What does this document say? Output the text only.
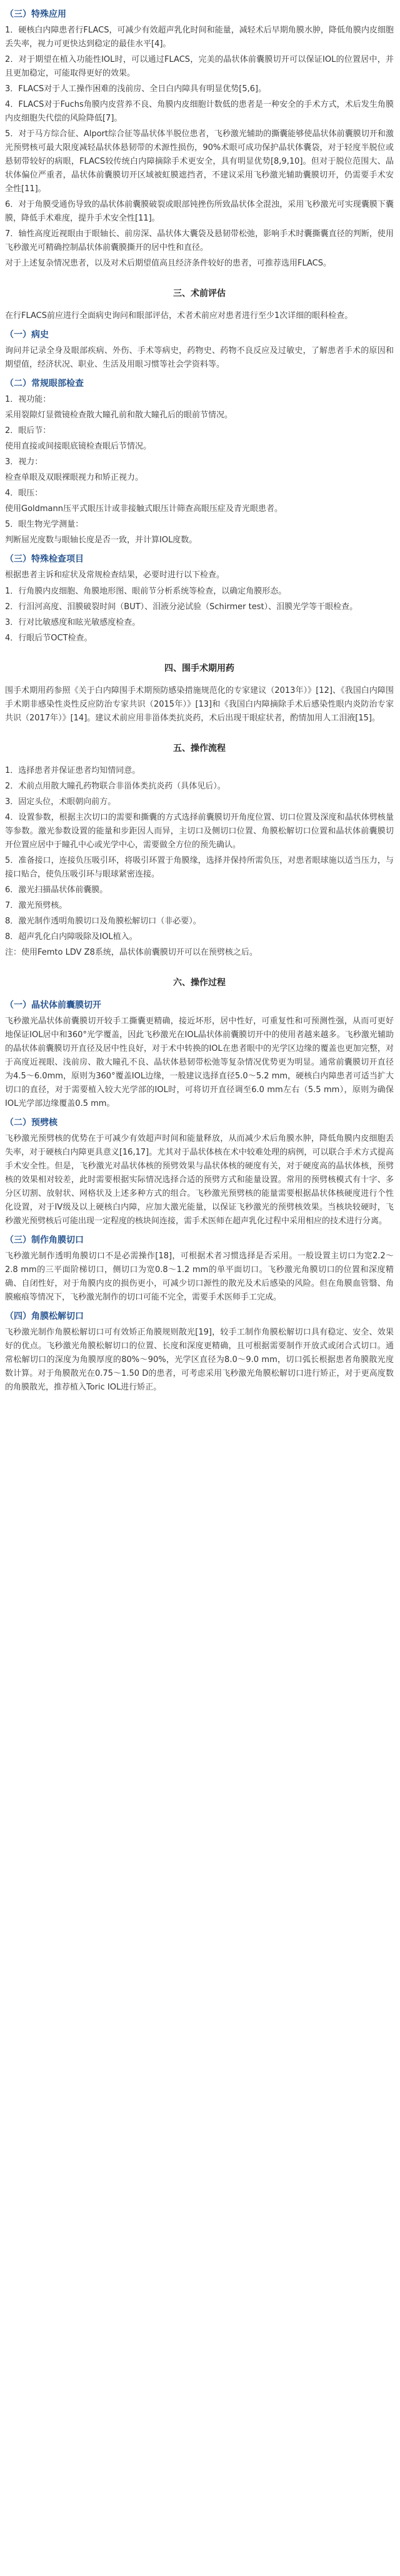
（三）特殊应用

1．硬核白内障患者行FLACS，可减少有效超声乳化时间和能量，减轻术后早期角膜水肿，降低角膜内皮细胞丢失率，视力可更快达到稳定的最佳水平[4]。

2．对于期望在植入功能性IOL时，可以通过FLACS，完美的晶状体前囊膜切开可以保证IOL的位置居中，并且更加稳定，可能取得更好的效果。

3．FLACS对于人工操作困难的浅前房、全日白内障具有明显优势[5,6]。

4．FLACS对于Fuchs角膜内皮营养不良、角膜内皮细胞计数低的患者是一种安全的手术方式，术后发生角膜内皮细胞失代偿的风险降低[7]。

5．对于马方综合征、Alport综合征等晶状体半脱位患者，飞秒激光辅助的撕囊能够使晶状体前囊膜切开和激光预劈核可最大限度减轻晶状体悬韧带的术源性损伤，90%术眼可成功保护晶状体囊袋，对于轻度半脱位或悬韧带较好的病眼，FLACS较传统白内障摘除手术更安全，具有明显优势[8,9,10]。但对于脱位范围大、晶状体偏位严重者，晶状体前囊膜切开区域被虹膜遮挡者，不建议采用飞秒激光辅助囊膜切开，仍需要手术安全性[11]。

6．对于角膜受通伤导致的晶状体前囊膜破裂或眼部钝挫伤所致晶状体全混浊，采用飞秒激光可实现囊膜下囊膜，降低手术难度，提升手术安全性[11]。

7．轴性高度近视眼由于眼轴长、前房深、晶状体大囊袋及悬韧带松弛，影响手术时囊撕囊直径的判断，使用飞秒激光可精确控制晶状体前囊膜撕开的居中性和直径。

对于上述复杂情况患者，以及对术后期望值高且经济条件较好的患者，可推荐选用FLACS。

三、术前评估

在行FLACS前应进行全面病史询问和眼部评估，术者术前应对患者进行至少1次详细的眼科检查。

（一）病史

询问并记录全身及眼部疾病、外伤、手术等病史，药物史、药物不良反应及过敏史，了解患者手术的原因和期望值，经济状况、职业、生活及用眼习惯等社会学资料等。

（二）常规眼部检查

1．视功能：

采用裂隙灯显微镜检查散大瞳孔前和散大瞳孔后的眼前节情况。

2．眼后节：

使用直接或间接眼底镜检查眼后节情况。

3．视力：

检查单眼及双眼裸眼视力和矫正视力。

4．眼压：

使用Goldmann压平式眼压计或非接触式眼压计筛查高眼压症及青光眼患者。

5．眼生物光学测量：

判断屈光度数与眼轴长度是否一致，并计算IOL度数。

（三）特殊检查项目

根据患者主诉和症状及常规检查结果，必要时进行以下检查。

1．行角膜内皮细胞、角膜地形图、眼前节分析系统等检查，以确定角膜形态。

2．行泪河高度、泪膜破裂时间（BUT）、泪液分泌试验（Schirmer test）、泪膜光学等干眼检查。

3．行对比敏感度和眩光敏感度检查。

4．行眼后节OCT检查。

四、围手术期用药

围手术期用药参照《关于白内障围手术期预防感染措施规范化的专家建议（2013年）》[12]、《我国白内障围手术期非感染性炎性反应防治专家共识（2015年）》[13]和《我国白内障摘除手术后感染性眼内炎防治专家共识（2017年）》[14]。建议术前应用非甾体类抗炎药，术后出现干眼症状者，酌情加用人工泪液[15]。

五、操作流程

1．选择患者并保证患者均知情同意。

2．术前点用散大瞳孔药物联合非甾体类抗炎药（具体见后）。

3．固定头位，术眼朝向前方。

4．设置参数，根据主次切口的需要和撕囊的方式选择前囊膜切开角度位置、切口位置及深度和晶状体劈核量等参数。激光参数设置的能量和步距因人而异，主切口及侧切口位置、角膜松解切口位置和晶状体前囊膜切开位置应居中于瞳孔中心或光学中心，需要做全方位的预先确认。

5．准备接口，连接负压吸引环，将吸引环置于角膜缘，选择并保持所需负压，对患者眼球施以适当压力，与接口贴合，使负压吸引环与眼球紧密连接。

6．激光扫描晶状体前囊膜。

7．激光预劈核。

8．激光制作透明角膜切口及角膜松解切口（非必要）。

8．超声乳化白内障吸除及IOL植入。

注：使用Femto LDV Z8系统，晶状体前囊膜切开可以在预劈核之后。

六、操作过程
（一）晶状体前囊膜切开

飞秒激光晶状体前囊膜切开较手工撕囊更精确，接近坏形，居中性好，可重复性和可预测性强，从而可更好地保证IOL居中和360°光学覆盖，因此飞秒激光在IOL晶状体前囊膜切开中的使用者越来越多。飞秒激光辅助的晶状体前囊膜切开直径及居中性良好，对于术中转换的IOL在患者眼中的光学区边缘的覆盖也更加完整，对于高度近视眼、浅前房、散大瞳孔不良、晶状体悬韧带松弛等复杂情况优势更为明显。通常前囊膜切开直径为4.5～6.0mm，原则为360°覆盖IOL边缘，一般建议选择直径5.0～5.2 mm，硬核白内障患者可适当扩大切口的直径，对于需要植入较大光学部的IOL时，可将切开直径调至6.0 mm左右（5.5 mm），原则为确保IOL光学部边缘覆盖0.5 mm。

（二）预劈核

飞秒激光预劈核的优势在于可减少有效超声时间和能量释放，从而减少术后角膜水肿，降低角膜内皮细胞丢失率，对于硬核白内障更具意义[16,17]。尤其对于晶状体核在术中较难处理的病例，可以联合手术方式提高手术安全性。但是，飞秒激光对晶状体核的预劈效果与晶状体核的硬度有关，对于硬度高的晶状体核，预劈核的效果相对较差，此时需要根据实际情况选择合适的预劈方式和能量设置。常用的预劈核模式有十字、多分区切割、放射状、网格状及上述多种方式的组合。飞秒激光预劈核的能量需要根据晶状体核硬度进行个性化设置，对于IV级及以上硬核白内障，应加大激光能量，以保证飞秒激光的预劈核效果。当核块较硬时，飞秒激光预劈核后可能出现一定程度的核块间连接，需手术医师在超声乳化过程中采用相应的技术进行分离。

（三）制作角膜切口

飞秒激光制作透明角膜切口不是必需操作[18]，可根据术者习惯选择是否采用。一般设置主切口为宽2.2～2.8 mm的三平面阶梯切口，侧切口为宽0.8～1.2 mm的单平面切口。飞秒激光角膜切口的位置和深度精确、自闭性好，对于角膜内皮的损伤更小，可减少切口源性的散光及术后感染的风险。但在角膜血管翳、角膜瘢痕等情况下，飞秒激光制作的切口可能不完全，需要手术医师手工完成。

（四）角膜松解切口

飞秒激光制作角膜松解切口可有效矫正角膜规则散光[19]，较手工制作角膜松解切口具有稳定、安全、效果好的优点。飞秒激光角膜松解切口的位置、长度和深度更精确，且可根据需要制作开放式或闭合式切口。通常松解切口的深度为角膜厚度的80%～90%，光学区直径为8.0～9.0 mm，切口弧长根据患者角膜散光度数计算。对于角膜散光在0.75～1.50 D的患者，可考虑采用飞秒激光角膜松解切口进行矫正，对于更高度数的角膜散光，推荐植入Toric IOL进行矫正。
